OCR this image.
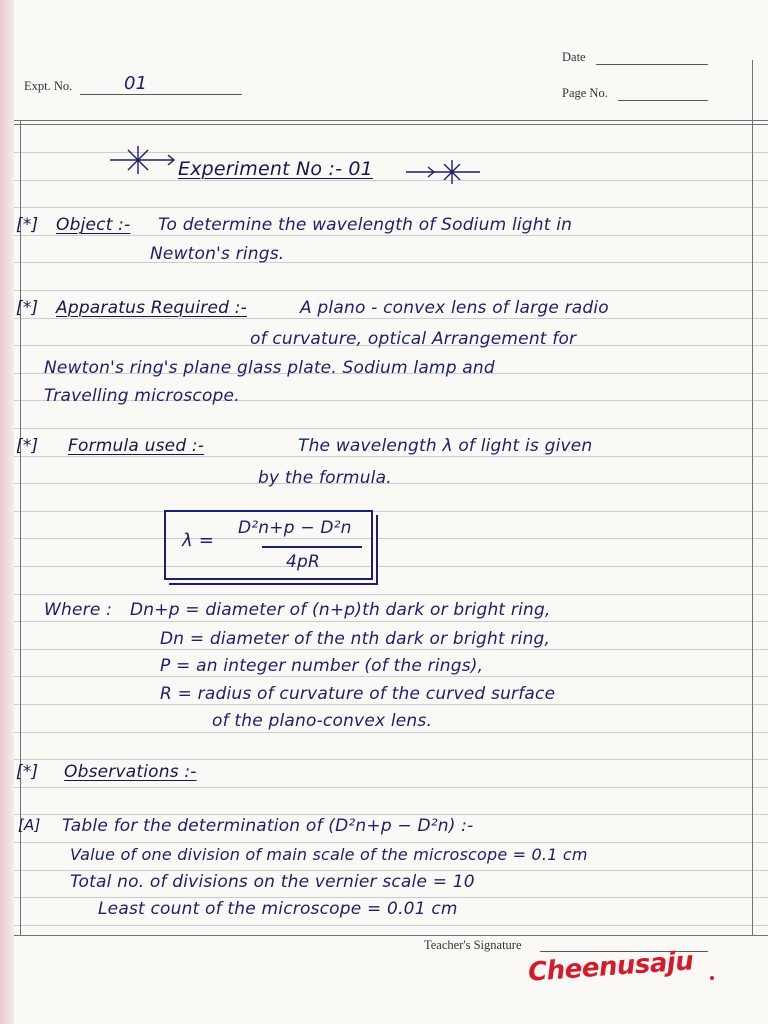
Date
Expt. No.	01	Page No.
Experiment No :- 01
[*] Object :- To determine the wavelength of Sodium light in
Newton's rings.
[*] Apparatus Required :-	A plano - convex lens of large radio
of curvature, optical Arrangement for
Newton's ring's plane glass plate. Sodium lamp and
Travelling microscope.
[*] Formula used :-	The wavelength λ of light is given
by the formula.
λ =
D²n+p − D²n
4pR
Where : Dn+p = diameter of (n+p)th dark or bright ring,
Dn = diameter of the nth dark or bright ring,
P = an integer number (of the rings),
R = radius of curvature of the curved surface
of the plano-convex lens.
[*] Observations :-
[A] Table for the determination of (D²n+p − D²n) :-
Value of one division of main scale of the microscope = 0.1 cm
Total no. of divisions on the vernier scale = 10
Least count of the microscope = 0.01 cm
Teacher's Signature
Cheenusaju
